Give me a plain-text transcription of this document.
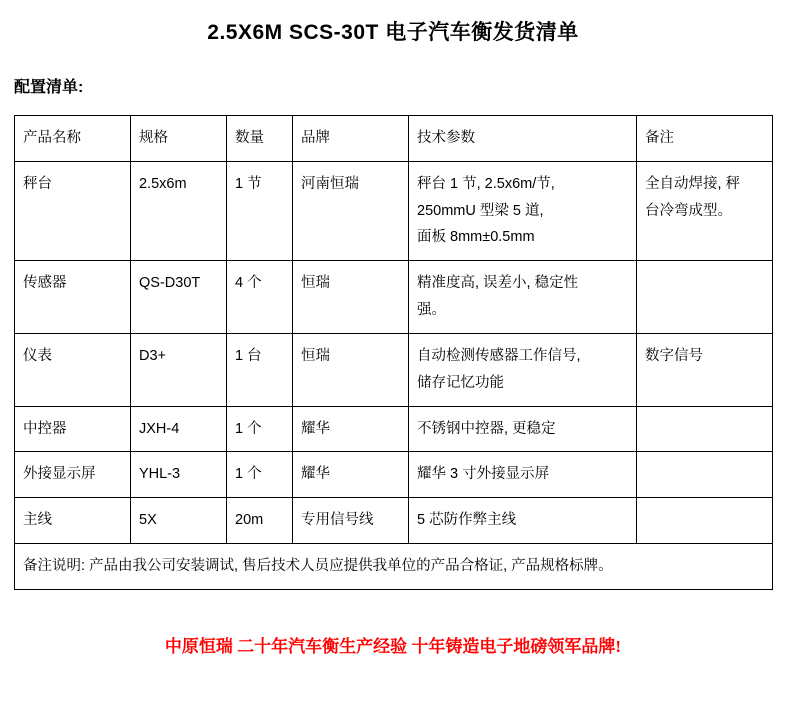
2.5X6M SCS-30T 电子汽车衡发货清单
配置清单:
产品名称	规格	数量	品牌	技术参数	备注
秤台	2.5x6m	1 节	河南恒瑞	秤台 1 节, 2.5x6m/节,
250mmU 型梁 5 道,
面板 8mm±0.5mm	全自动焊接, 秤
台冷弯成型。

传感器	QS-D30T	4 个	恒瑞	精准度高, 误差小, 稳定性
强。	

仪表	D3+	1 台	恒瑞	自动检测传感器工作信号,
储存记忆功能	数字信号
中控器	JXH-4	1 个	耀华	不锈钢中控器, 更稳定	
外接显示屏	YHL-3	1 个	耀华	耀华 3 寸外接显示屏	
主线	5X	20m	专用信号线	5 芯防作弊主线	
备注说明: 产品由我公司安装调试, 售后技术人员应提供我单位的产品合格证, 产品规格标牌。					
中原恒瑞 二十年汽车衡生产经验 十年铸造电子地磅领军品牌!
